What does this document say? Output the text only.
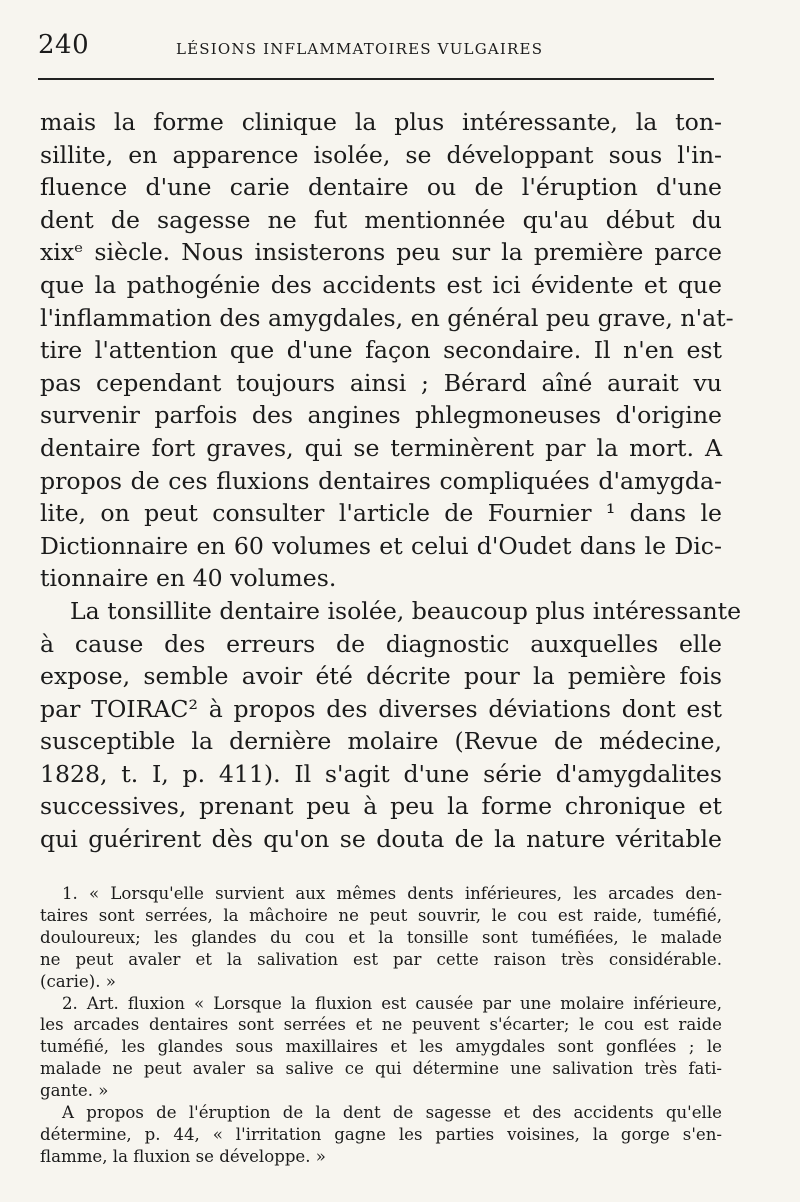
240	LÉSIONS INFLAMMATOIRES VULGAIRES
mais la forme clinique la plus intéressante, la ton-
sillite, en apparence isolée, se développant sous l'in-
fluence d'une carie dentaire ou de l'éruption d'une
dent de sagesse ne fut mentionnée qu'au début du
xixᵉ siècle. Nous insisterons peu sur la première parce
que la pathogénie des accidents est ici évidente et que
l'inflammation des amygdales, en général peu grave, n'at-
tire l'attention que d'une façon secondaire. Il n'en est
pas cependant toujours ainsi ; Bérard aîné aurait vu
survenir parfois des angines phlegmoneuses d'origine
dentaire fort graves, qui se terminèrent par la mort. A
propos de ces fluxions dentaires compliquées d'amygda-
lite, on peut consulter l'article de Fournier ¹ dans le
Dictionnaire en 60 volumes et celui d'Oudet dans le Dic-
tionnaire en 40 volumes.
La tonsillite dentaire isolée, beaucoup plus intéressante
à cause des erreurs de diagnostic auxquelles elle
expose, semble avoir été décrite pour la pemière fois
par TOIRAC² à propos des diverses déviations dont est
susceptible la dernière molaire (Revue de médecine,
1828, t. I, p. 411). Il s'agit d'une série d'amygdalites
successives, prenant peu à peu la forme chronique et
qui guérirent dès qu'on se douta de la nature véritable
1. « Lorsqu'elle survient aux mêmes dents inférieures, les arcades den-
taires sont serrées, la mâchoire ne peut souvrir, le cou est raide, tuméfié,
douloureux; les glandes du cou et la tonsille sont tuméfiées, le malade
ne peut avaler et la salivation est par cette raison très considérable.
(carie). »
2. Art. fluxion « Lorsque la fluxion est causée par une molaire inférieure,
les arcades dentaires sont serrées et ne peuvent s'écarter; le cou est raide
tuméfié, les glandes sous maxillaires et les amygdales sont gonflées ; le
malade ne peut avaler sa salive ce qui détermine une salivation très fati-
gante. »
A propos de l'éruption de la dent de sagesse et des accidents qu'elle
détermine, p. 44, « l'irritation gagne les parties voisines, la gorge s'en-
flamme, la fluxion se développe. »
